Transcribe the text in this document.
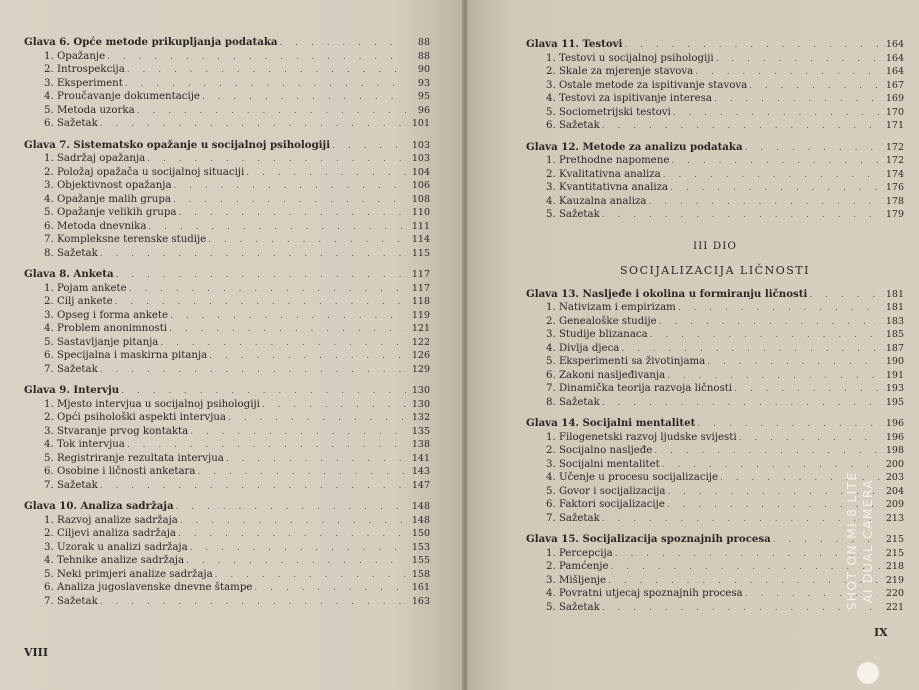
Glava 6. Opće metode prikupljanja podataka . . .	88
1. Opažanje . . .	88
2. Introspekcija . . .	90
3. Eksperiment . . .	93
4. Proučavanje dokumentacije . . .	95
5. Metoda uzorka . . .	96
6. Sažetak . . .	101
Glava 7. Sistematsko opažanje u socijalnoj psihologiji . . .	103
1. Sadržaj opažanja . . .	103
2. Položaj opažača u socijalnoj situaciji . . .	104
3. Objektivnost opažanja . . .	106
4. Opažanje malih grupa . . .	108
5. Opažanje velikih grupa . . .	110
6. Metoda dnevnika . . .	111
7. Kompleksne terenske studije . . .	114
8. Sažetak . . .	115
Glava 8. Anketa . . .	117
1. Pojam ankete . . .	117
2. Cilj ankete . . .	118
3. Opseg i forma ankete . . .	119
4. Problem anonimnosti . . .	121
5. Sastavljanje pitanja . . .	122
6. Specijalna i maskirna pitanja . . .	126
7. Sažetak . . .	129
Glava 9. Intervju . . .	130
1. Mjesto intervjua u socijalnoj psihologiji . . .	130
2. Opći psihološki aspekti intervjua . . .	132
3. Stvaranje prvog kontakta . . .	135
4. Tok intervjua . . .	138
5. Registriranje rezultata intervjua . . .	141
6. Osobine i ličnosti anketara . . .	143
7. Sažetak . . .	147
Glava 10. Analiza sadržaja . . .	148
1. Razvoj analize sadržaja . . .	148
2. Ciljevi analiza sadržaja . . .	150
3. Uzorak u analizi sadržaja . . .	153
4. Tehnike analize sadržaja . . .	155
5. Neki primjeri analize sadržaja . . .	158
6. Analiza jugoslavenske dnevne štampe . . .	161
7. Sažetak . . .	163
Glava 11. Testovi . . .	164
1. Testovi u socijalnoj psihologiji . . .	164
2. Skale za mjerenje stavova . . .	164
3. Ostale metode za ispitivanje stavova . . .	167
4. Testovi za ispitivanje interesa . . .	169
5. Sociometrijski testovi . . .	170
6. Sažetak . . .	171
Glava 12. Metode za analizu podataka . . .	172
1. Prethodne napomene . . .	172
2. Kvalitativna analiza . . .	174
3. Kvantitativna analiza . . .	176
4. Kauzalna analiza . . .	178
5. Sažetak . . .	179
III DIO
SOCIJALIZACIJA LIČNOSTI
Glava 13. Nasljeđe i okolina u formiranju ličnosti . . .	181
1. Nativizam i empirizam . . .	181
2. Genealoške studije . . .	183
3. Studije blizanaca . . .	185
4. Divlja djeca . . .	187
5. Eksperimenti sa životinjama . . .	190
6. Zakoni nasljeđivanja . . .	191
7. Dinamička teorija razvoja ličnosti . . .	193
8. Sažetak . . .	195
Glava 14. Socijalni mentalitet . . .	196
1. Filogenetski razvoj ljudske svijesti . . .	196
2. Socijalno nasljeđe . . .	198
3. Socijalni mentalitet . . .	200
4. Učenje u procesu socijalizacije . . .	203
5. Govor i socijalizacija . . .	204
6. Faktori socijalizacije . . .	209
7. Sažetak . . .	213
Glava 15. Socijalizacija spoznajnih procesa . . .	215
1. Percepcija . . .	215
2. Pamćenje . . .	218
3. Mišljenje . . .	219
4. Povratni utjecaj spoznajnih procesa . . .	220
5. Sažetak . . .	221
VIII
IX
SHOT ON MI 8 LITE AI DUAL CAMERA
